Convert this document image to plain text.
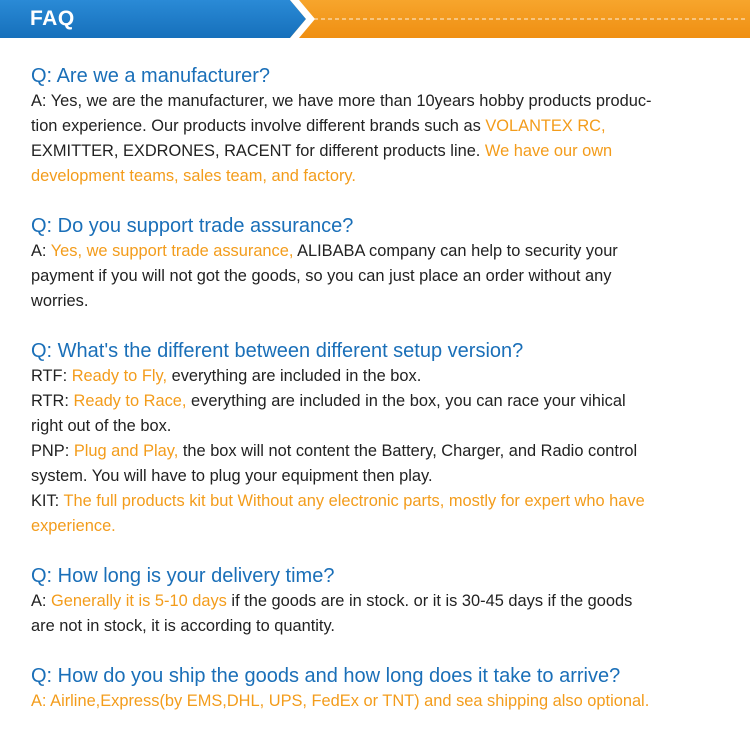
FAQ

Q: Are we a manufacturer?

A: Yes, we are the manufacturer, we have more than 10years hobby products produc-
tion experience. Our products involve different brands such as VOLANTEX RC,
EXMITTER, EXDRONES, RACENT for different products line. We have our own
development teams, sales team, and factory.

Q: Do you support trade assurance?

A: Yes, we support trade assurance, ALIBABA company can help to security your
payment if you will not got the goods, so you can just place an order without any
worries.

Q: What's the different between different setup version?

RTF: Ready to Fly, everything are included in the box.
RTR: Ready to Race, everything are included in the box, you can race your vihical
right out of the box.
PNP: Plug and Play, the box will not content the Battery, Charger, and Radio control
system. You will have to plug your equipment then play.
KIT: The full products kit but Without any electronic parts, mostly for expert who have
experience.

Q: How long is your delivery time?

A: Generally it is 5-10 days if the goods are in stock. or it is 30-45 days if the goods
are not in stock, it is according to quantity.

Q: How do you ship the goods and how long does it take to arrive?

A: Airline,Express(by EMS,DHL, UPS, FedEx or TNT) and sea shipping also optional.
